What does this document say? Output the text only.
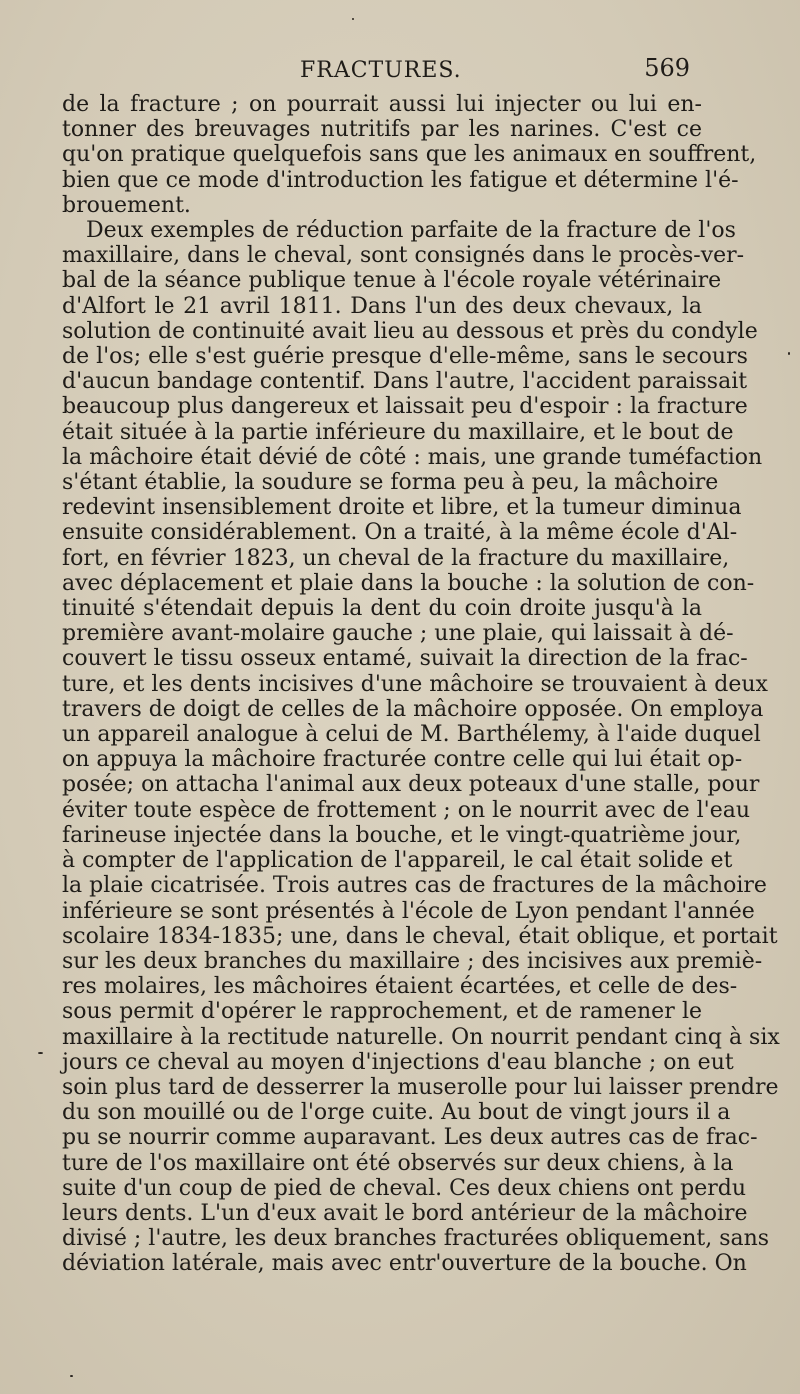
FRACTURES.	569
de la fracture ; on pourrait aussi lui injecter ou lui en-
tonner des breuvages nutritifs par les narines. C'est ce
qu'on pratique quelquefois sans que les animaux en souffrent,
bien que ce mode d'introduction les fatigue et détermine l'é-
brouement.
Deux exemples de réduction parfaite de la fracture de l'os
maxillaire, dans le cheval, sont consignés dans le procès-ver-
bal de la séance publique tenue à l'école royale vétérinaire
d'Alfort le 21 avril 1811. Dans l'un des deux chevaux, la
solution de continuité avait lieu au dessous et près du condyle
de l'os; elle s'est guérie presque d'elle-même, sans le secours
d'aucun bandage contentif. Dans l'autre, l'accident paraissait
beaucoup plus dangereux et laissait peu d'espoir : la fracture
était située à la partie inférieure du maxillaire, et le bout de
la mâchoire était dévié de côté : mais, une grande tuméfaction
s'étant établie, la soudure se forma peu à peu, la mâchoire
redevint insensiblement droite et libre, et la tumeur diminua
ensuite considérablement. On a traité, à la même école d'Al-
fort, en février 1823, un cheval de la fracture du maxillaire,
avec déplacement et plaie dans la bouche : la solution de con-
tinuité s'étendait depuis la dent du coin droite jusqu'à la
première avant-molaire gauche ; une plaie, qui laissait à dé-
couvert le tissu osseux entamé, suivait la direction de la frac-
ture, et les dents incisives d'une mâchoire se trouvaient à deux
travers de doigt de celles de la mâchoire opposée. On employa
un appareil analogue à celui de M. Barthélemy, à l'aide duquel
on appuya la mâchoire fracturée contre celle qui lui était op-
posée; on attacha l'animal aux deux poteaux d'une stalle, pour
éviter toute espèce de frottement ; on le nourrit avec de l'eau
farineuse injectée dans la bouche, et le vingt-quatrième jour,
à compter de l'application de l'appareil, le cal était solide et
la plaie cicatrisée. Trois autres cas de fractures de la mâchoire
inférieure se sont présentés à l'école de Lyon pendant l'année
scolaire 1834-1835; une, dans le cheval, était oblique, et portait
sur les deux branches du maxillaire ; des incisives aux premiè-
res molaires, les mâchoires étaient écartées, et celle de des-
sous permit d'opérer le rapprochement, et de ramener le
maxillaire à la rectitude naturelle. On nourrit pendant cinq à six
jours ce cheval au moyen d'injections d'eau blanche ; on eut
soin plus tard de desserrer la muserolle pour lui laisser prendre
du son mouillé ou de l'orge cuite. Au bout de vingt jours il a
pu se nourrir comme auparavant. Les deux autres cas de frac-
ture de l'os maxillaire ont été observés sur deux chiens, à la
suite d'un coup de pied de cheval. Ces deux chiens ont perdu
leurs dents. L'un d'eux avait le bord antérieur de la mâchoire
divisé ; l'autre, les deux branches fracturées obliquement, sans
déviation latérale, mais avec entr'ouverture de la bouche. On
